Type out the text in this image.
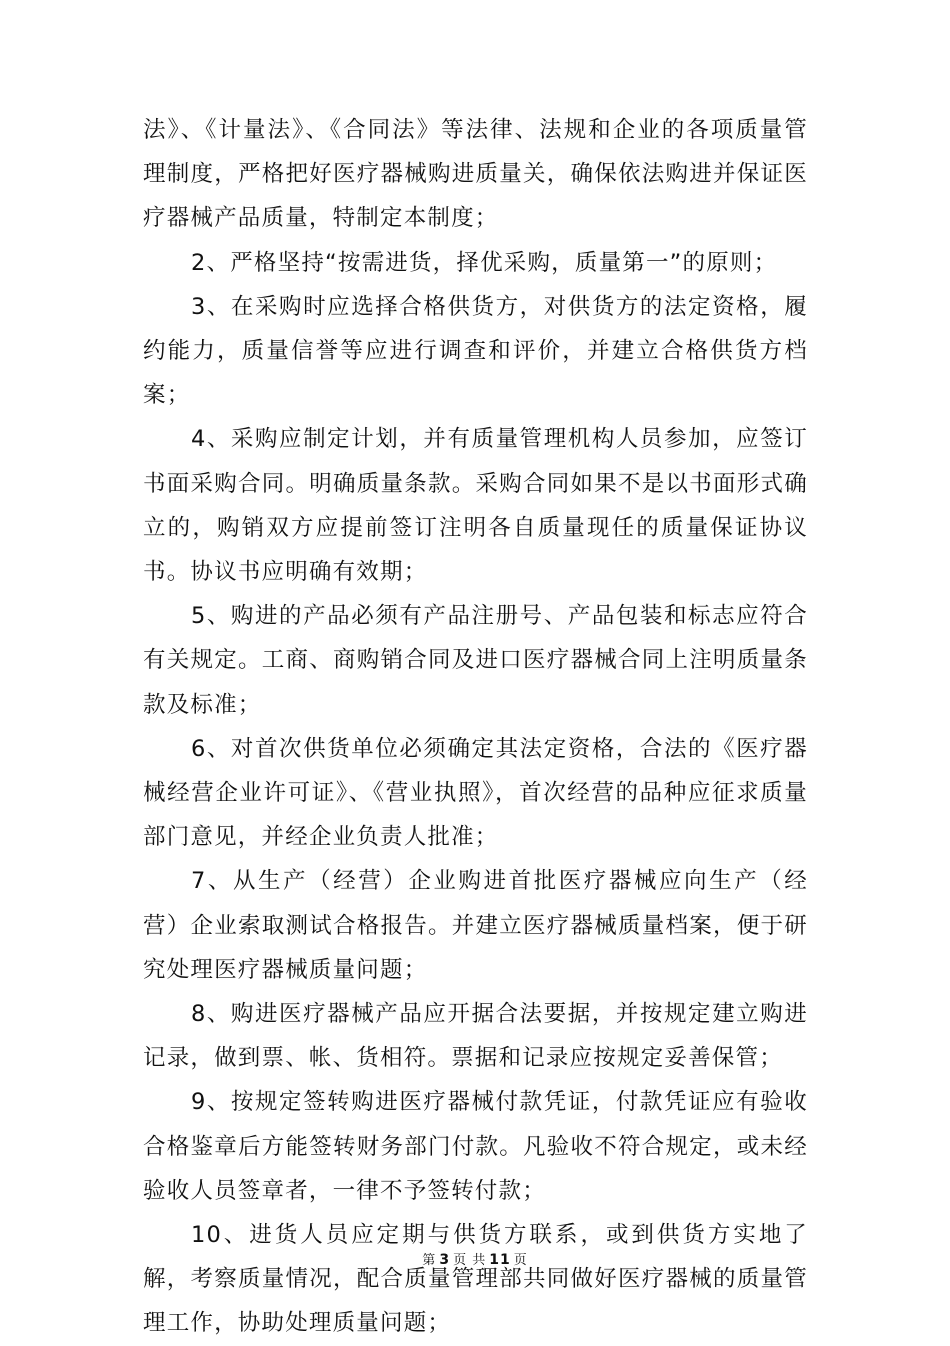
法》、《计量法》、《合同法》等法律、法规和企业的各项质量管理制度，严格把好医疗器械购进质量关，确保依法购进并保证医疗器械产品质量，特制定本制度；

2、严格坚持“按需进货，择优采购，质量第一”的原则；

3、在采购时应选择合格供货方，对供货方的法定资格，履约能力，质量信誉等应进行调查和评价，并建立合格供货方档案；

4、采购应制定计划，并有质量管理机构人员参加，应签订书面采购合同。明确质量条款。采购合同如果不是以书面形式确立的，购销双方应提前签订注明各自质量现任的质量保证协议书。协议书应明确有效期；

5、购进的产品必须有产品注册号、产品包装和标志应符合有关规定。工商、商购销合同及进口医疗器械合同上注明质量条款及标准；

6、对首次供货单位必须确定其法定资格，合法的《医疗器械经营企业许可证》、《营业执照》，首次经营的品种应征求质量部门意见，并经企业负责人批准；

7、从生产（经营）企业购进首批医疗器械应向生产（经营）企业索取测试合格报告。并建立医疗器械质量档案，便于研究处理医疗器械质量问题；

8、购进医疗器械产品应开据合法要据，并按规定建立购进记录，做到票、帐、货相符。票据和记录应按规定妥善保管；

9、按规定签转购进医疗器械付款凭证，付款凭证应有验收合格鉴章后方能签转财务部门付款。凡验收不符合规定，或未经验收人员签章者，一律不予签转付款；

10、进货人员应定期与供货方联系，或到供货方实地了解，考察质量情况，配合质量管理部共同做好医疗器械的质量管理工作，协助处理质量问题；

第 3 页 共 11 页
